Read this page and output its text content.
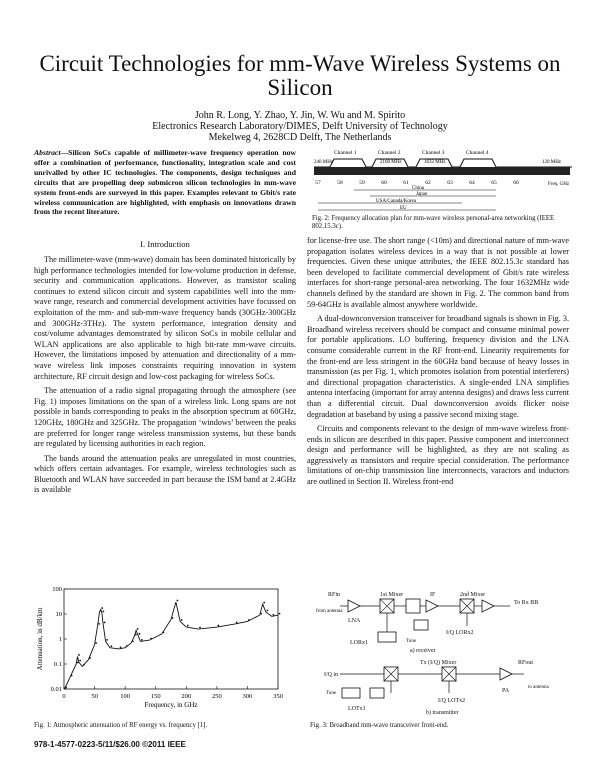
Circuit Technologies for mm-Wave Wireless Systems on Silicon
John R. Long, Y. Zhao, Y. Jin, W. Wu and M. Spirito
Electronics Research Laboratory/DIMES, Delft University of Technology
Mekelweg 4, 2628CD Delft, The Netherlands
Abstract—Silicon SoCs capable of millimeter-wave frequency operation now offer a combination of performance, functionality, integration scale and cost unrivalled by other IC technologies. The components, design techniques and circuits that are propelling deep submicron silicon technologies in mm-wave system front-ends are surveyed in this paper. Examples relevant to Gbit/s rate wireless communication are highlighted, with emphasis on innovations drawn from the recent literature.
I. Introduction

The millimeter-wave (mm-wave) domain has been dominated historically by high performance technologies intended for low-volume production in defense, security and communication applications. However, as transistor scaling continues to extend silicon circuit and system capabilities well into the mm-wave range, research and commercial development activities have focussed on exploitation of the mm- and sub-mm-wave frequency bands (30GHz-300GHz and 300GHz-3THz). The system performance, integration density and cost/volume advantages demonstrated by silicon SoCs in mobile cellular and WLAN applications are also applicable to high bit-rate mm-wave circuits. However, the limitations imposed by attenuation and directionality of a mm-wave wireless link imposes constraints requiring innovation in system architecture, RF circuit design and low-cost packaging for wireless SoCs.

The attenuation of a radio signal propagating through the atmosphere (see Fig. 1) imposes limitations on the span of a wireless link. Long spans are not possible in bands corresponding to peaks in the absorption spectrum at 60GHz, 120GHz, 180GHz and 325GHz. The propagation ‘windows’ between the peaks are preferred for longer range wireless transmission systems, but these bands are regulated by licensing authorities in each region.

The bands around the attenuation peaks are unregulated in most countries, which offers certain advantages. For example, wireless technologies such as Bluetooth and WLAN have succeeded in part because the ISM band at 2.4GHz is available

0.01
0.1
1
10
100
0	50	100	150	200	250	300	350
Attenuation, in dB/km
Frequency, in GHz
Fig. 1: Atmospheric attenuation of RF energy vs. frequency [1].
Channel 1	Channel 2	Channel 3	Channel 4
240 MHz	2160 MHz	1632 MHz	120 MHz
57	58	59	60	61	62	63	64	65	66	Freq. GHz
China
Japan
USA/Canada/Korea
EU
Fig. 2: Frequency allocation plan for mm-wave wireless personal-area networking (IEEE 802.15.3c).

for license-free use. The short range (<10m) and directional nature of mm-wave propagation isolates wireless devices in a way that is not possible at lower frequencies. Given these unique attributes, the IEEE 802.15.3c standard has been developed to facilitate commercial development of Gbit/s rate wireless interfaces for short-range personal-area networking. The four 1632MHz wide channels defined by the standard are shown in Fig. 2. The common band from 59-64GHz is available almost anywhere worldwide.

A dual-downconversion transceiver for broadband signals is shown in Fig. 3. Broadband wireless receivers should be compact and consume minimal power for portable applications. LO buffering, frequency division and the LNA consume considerable current in the RF front-end. Linearity requirements for the front-end are less stringent in the 60GHz band because of heavy losses in transmission (as per Fig. 1, which promotes isolation from potential interferers) and directional propagation characteristics. A single-ended LNA simplifies antenna interfacing (important for array antenna designs) and draws less current than a differential circuit. Dual downconversion avoids flicker noise degradation at baseband by using a passive second mixing stage.

Circuits and components relevant to the design of mm-wave wireless front-ends in silicon are described in this paper. Passive component and interconnect design and performance will be highlighted, as they are not scaling as aggressively as transistors and require special consideration. The performance limitations of on-chip transmission line interconnects, varactors and inductors are outlined in Section II. Wireless front-end

RFin	1st Mixer	IF	2nd Mixer
from antenna
LNA
To Rx BB
LORx1	Tune
I/Q LORx2
a) receiver
Tx (I/Q) Mixer
I/Q in
RFout
PA
to antenna
Tune
LOTx1
I/Q LOTx2
b) transmitter
Fig. 3: Broadband mm-wave transceiver front-end.
978-1-4577-0223-5/11/$26.00 ©2011 IEEE
